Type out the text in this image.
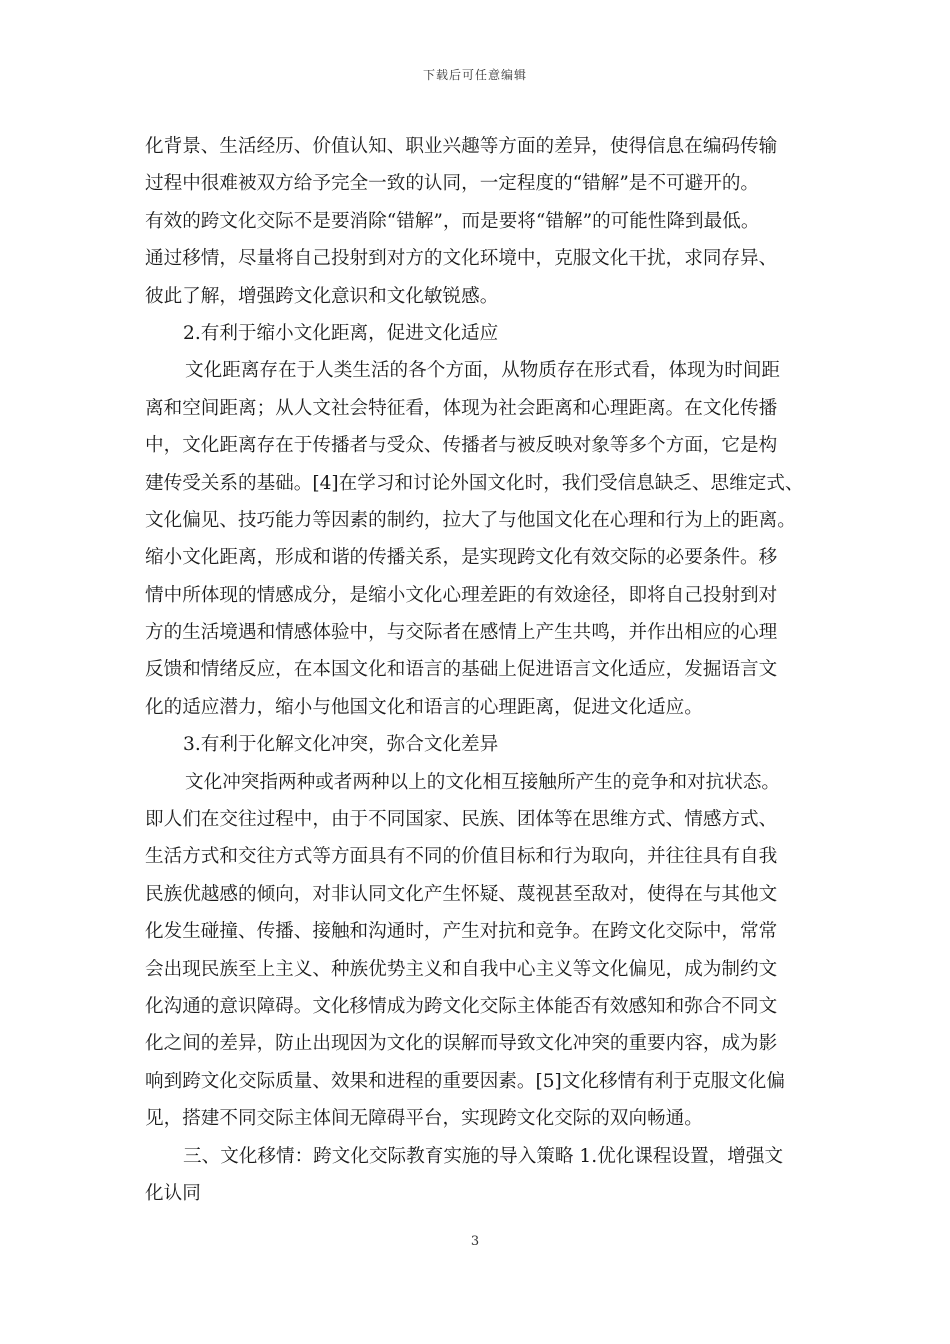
下载后可任意编辑
化背景、生活经历、价值认知、职业兴趣等方面的差异，使得信息在编码传输
过程中很难被双方给予完全一致的认同，一定程度的“错解”是不可避开的。
有效的跨文化交际不是要消除“错解”，而是要将“错解”的可能性降到最低。
通过移情，尽量将自己投射到对方的文化环境中，克服文化干扰，求同存异、
彼此了解，增强跨文化意识和文化敏锐感。
2.有利于缩小文化距离，促进文化适应
文化距离存在于人类生活的各个方面，从物质存在形式看，体现为时间距
离和空间距离；从人文社会特征看，体现为社会距离和心理距离。在文化传播
中，文化距离存在于传播者与受众、传播者与被反映对象等多个方面，它是构
建传受关系的基础。[4]在学习和讨论外国文化时，我们受信息缺乏、思维定式、
文化偏见、技巧能力等因素的制约，拉大了与他国文化在心理和行为上的距离。
缩小文化距离，形成和谐的传播关系，是实现跨文化有效交际的必要条件。移
情中所体现的情感成分，是缩小文化心理差距的有效途径，即将自己投射到对
方的生活境遇和情感体验中，与交际者在感情上产生共鸣，并作出相应的心理
反馈和情绪反应，在本国文化和语言的基础上促进语言文化适应，发掘语言文
化的适应潜力，缩小与他国文化和语言的心理距离，促进文化适应。
3.有利于化解文化冲突，弥合文化差异
文化冲突指两种或者两种以上的文化相互接触所产生的竞争和对抗状态。
即人们在交往过程中，由于不同国家、民族、团体等在思维方式、情感方式、
生活方式和交往方式等方面具有不同的价值目标和行为取向，并往往具有自我
民族优越感的倾向，对非认同文化产生怀疑、蔑视甚至敌对，使得在与其他文
化发生碰撞、传播、接触和沟通时，产生对抗和竞争。在跨文化交际中，常常
会出现民族至上主义、种族优势主义和自我中心主义等文化偏见，成为制约文
化沟通的意识障碍。文化移情成为跨文化交际主体能否有效感知和弥合不同文
化之间的差异，防止出现因为文化的误解而导致文化冲突的重要内容，成为影
响到跨文化交际质量、效果和进程的重要因素。[5]文化移情有利于克服文化偏
见，搭建不同交际主体间无障碍平台，实现跨文化交际的双向畅通。
三、文化移情：跨文化交际教育实施的导入策略 1.优化课程设置，增强文
化认同
3
